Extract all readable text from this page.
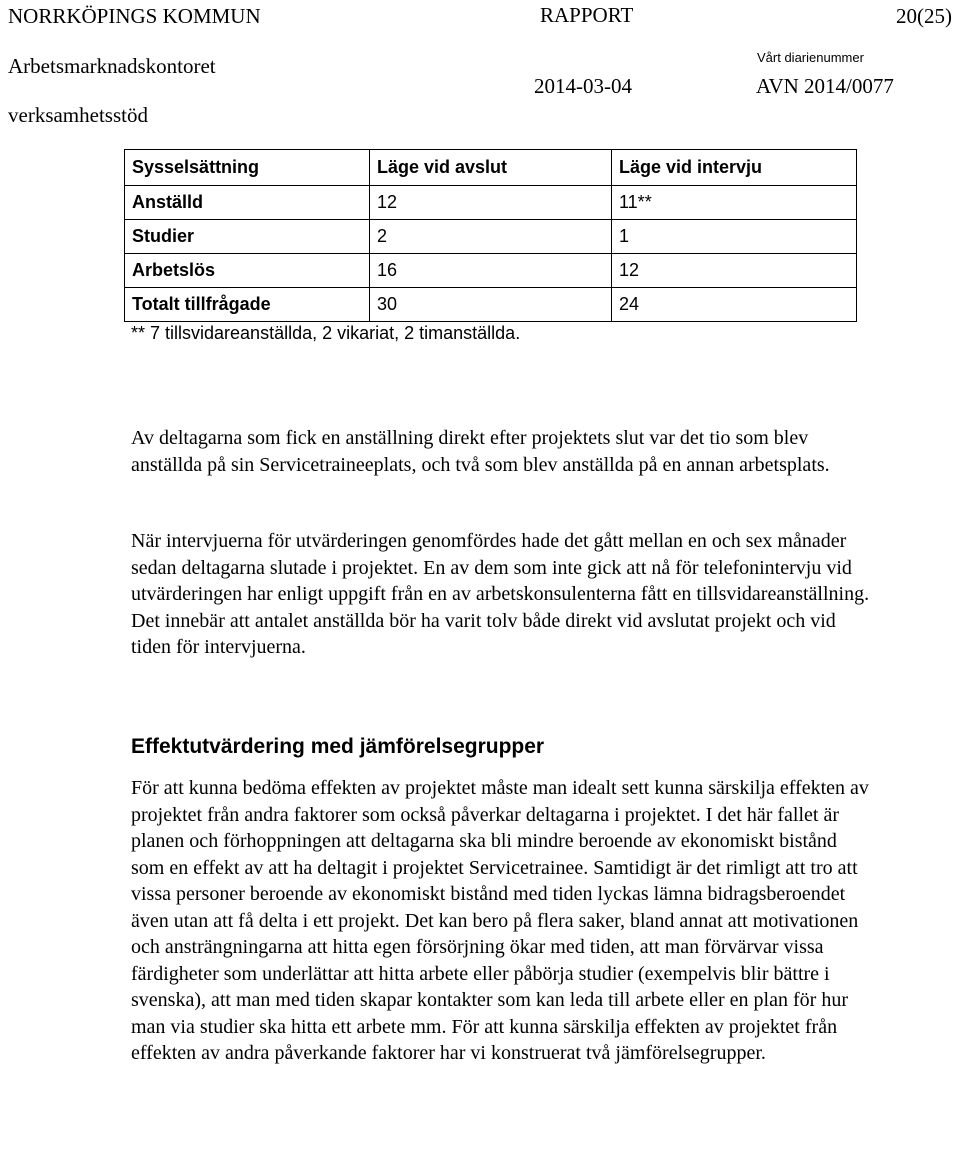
NORRKÖPINGS KOMMUN	RAPPORT	20(25)
Arbetsmarknadskontoret	Vårt diarienummer
2014-03-04	AVN 2014/0077
verksamhetsstöd
Sysselsättning	Läge vid avslut	Läge vid intervju
Anställd	12	11**
Studier	2	1
Arbetslös	16	12
Totalt tillfrågade	30	24
** 7 tillsvidareanställda, 2 vikariat, 2 timanställda.

Av deltagarna som fick en anställning direkt efter projektets slut var det tio som blev anställda på sin Servicetraineeplats, och två som blev anställda på en annan arbetsplats.

När intervjuerna för utvärderingen genomfördes hade det gått mellan en och sex månader sedan deltagarna slutade i projektet. En av dem som inte gick att nå för telefonintervju vid utvärderingen har enligt uppgift från en av arbetskonsulenterna fått en tillsvidareanställning. Det innebär att antalet anställda bör ha varit tolv både direkt vid avslutat projekt och vid tiden för intervjuerna.

Effektutvärdering med jämförelsegrupper

För att kunna bedöma effekten av projektet måste man idealt sett kunna särskilja effekten av projektet från andra faktorer som också påverkar deltagarna i projektet. I det här fallet är planen och förhoppningen att deltagarna ska bli mindre beroende av ekonomiskt bistånd som en effekt av att ha deltagit i projektet Servicetrainee. Samtidigt är det rimligt att tro att vissa personer beroende av ekonomiskt bistånd med tiden lyckas lämna bidragsberoendet även utan att få delta i ett projekt. Det kan bero på flera saker, bland annat att motivationen och ansträngningarna att hitta egen försörjning ökar med tiden, att man förvärvar vissa färdigheter som underlättar att hitta arbete eller påbörja studier (exempelvis blir bättre i svenska), att man med tiden skapar kontakter som kan leda till arbete eller en plan för hur man via studier ska hitta ett arbete mm. För att kunna särskilja effekten av projektet från effekten av andra påverkande faktorer har vi konstruerat två jämförelsegrupper.
